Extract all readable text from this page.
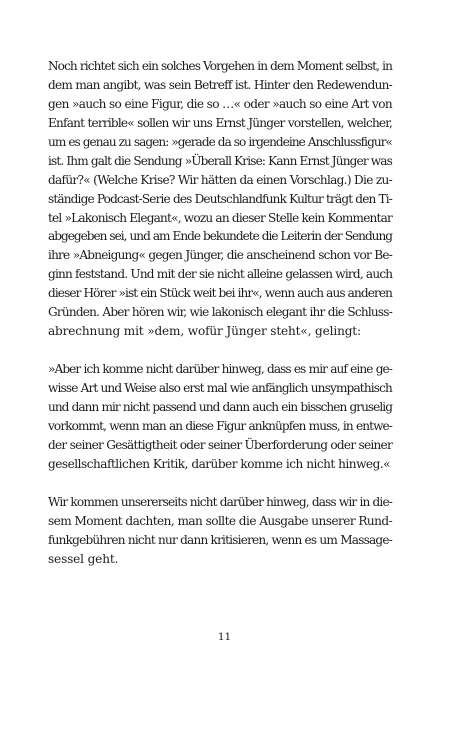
Noch richtet sich ein solches Vorgehen in dem Moment selbst, in
dem man angibt, was sein Betreff ist. Hinter den Redewendun-
gen »auch so eine Figur, die so …« oder »auch so eine Art von
Enfant terrible« sollen wir uns Ernst Jünger vorstellen, welcher,
um es genau zu sagen: »gerade da so irgendeine Anschlussfigur«
ist. Ihm galt die Sendung »Überall Krise: Kann Ernst Jünger was
dafür?« (Welche Krise? Wir hätten da einen Vorschlag.) Die zu-
ständige Podcast-Serie des Deutschlandfunk Kultur trägt den Ti-
tel »Lakonisch Elegant«, wozu an dieser Stelle kein Kommentar
abgegeben sei, und am Ende bekundete die Leiterin der Sendung
ihre »Abneigung« gegen Jünger, die anscheinend schon vor Be-
ginn feststand. Und mit der sie nicht alleine gelassen wird, auch
dieser Hörer »ist ein Stück weit bei ihr«, wenn auch aus anderen
Gründen. Aber hören wir, wie lakonisch elegant ihr die Schluss-
abrechnung mit »dem, wofür Jünger steht«, gelingt:
»Aber ich komme nicht darüber hinweg, dass es mir auf eine ge-
wisse Art und Weise also erst mal wie anfänglich unsympathisch
und dann mir nicht passend und dann auch ein bisschen gruselig
vorkommt, wenn man an diese Figur anknüpfen muss, in entwe-
der seiner Gesättigtheit oder seiner Überforderung oder seiner
gesellschaftlichen Kritik, darüber komme ich nicht hinweg.«
Wir kommen unsererseits nicht darüber hinweg, dass wir in die-
sem Moment dachten, man sollte die Ausgabe unserer Rund-
funkgebühren nicht nur dann kritisieren, wenn es um Massage-
sessel geht.
11
